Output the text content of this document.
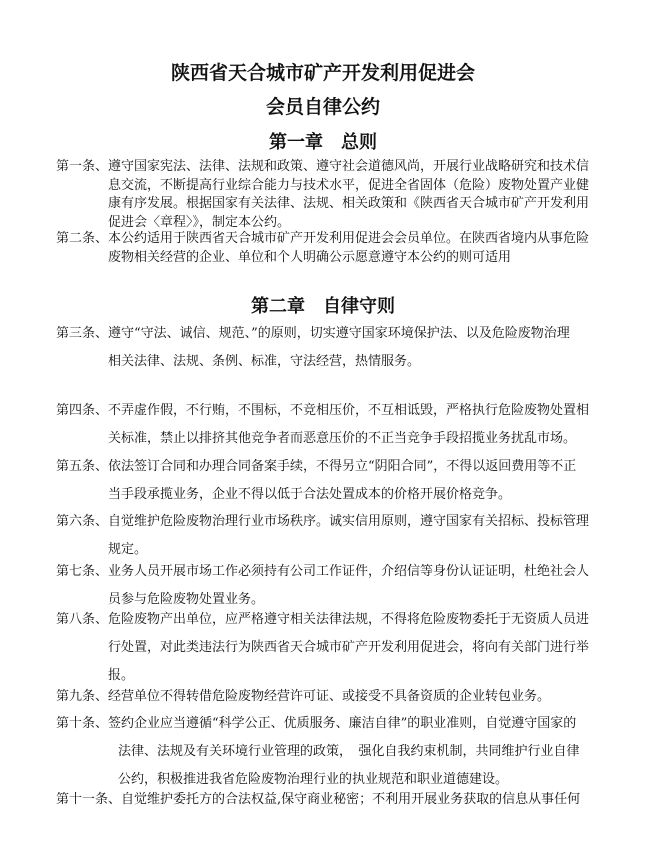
陕西省天合城市矿产开发利用促进会
会员自律公约
第一章　总则
第一条、遵守国家宪法、法律、法规和政策、遵守社会道德风尚，开展行业战略研究和技术信
息交流，不断提高行业综合能力与技术水平，促进全省固体（危险）废物处置产业健
康有序发展。根据国家有关法律、法规、相关政策和《陕西省天合城市矿产开发利用
促进会〈章程〉》，制定本公约。
第二条、本公约适用于陕西省天合城市矿产开发利用促进会会员单位。在陕西省境内从事危险
废物相关经营的企业、单位和个人明确公示愿意遵守本公约的则可适用
第二章　自律守则
第三条、遵守“守法、诚信、规范、”的原则，切实遵守国家环境保护法、以及危险废物治理
相关法律、法规、条例、标准，守法经营，热情服务。
第四条、不弄虚作假，不行贿，不围标，不竞相压价，不互相诋毁，严格执行危险废物处置相
关标准，禁止以排挤其他竞争者而恶意压价的不正当竞争手段招揽业务扰乱市场。
第五条、依法签订合同和办理合同备案手续，不得另立“阴阳合同”，不得以返回费用等不正
当手段承揽业务，企业不得以低于合法处置成本的价格开展价格竞争。
第六条、自觉维护危险废物治理行业市场秩序。诚实信用原则，遵守国家有关招标、投标管理
规定。
第七条、业务人员开展市场工作必须持有公司工作证件，介绍信等身份认证证明，杜绝社会人
员参与危险废物处置业务。
第八条、危险废物产出单位，应严格遵守相关法律法规，不得将危险废物委托于无资质人员进
行处置，对此类违法行为陕西省天合城市矿产开发利用促进会，将向有关部门进行举
报。
第九条、经营单位不得转借危险废物经营许可证、或接受不具备资质的企业转包业务。
第十条、签约企业应当遵循“科学公正、优质服务、廉洁自律”的职业准则，自觉遵守国家的
法律、法规及有关环境行业管理的政策，　强化自我约束机制，共同维护行业自律
公约，积极推进我省危险废物治理行业的执业规范和职业道德建设。
第十一条、自觉维护委托方的合法权益,保守商业秘密；不利用开展业务获取的信息从事任何
